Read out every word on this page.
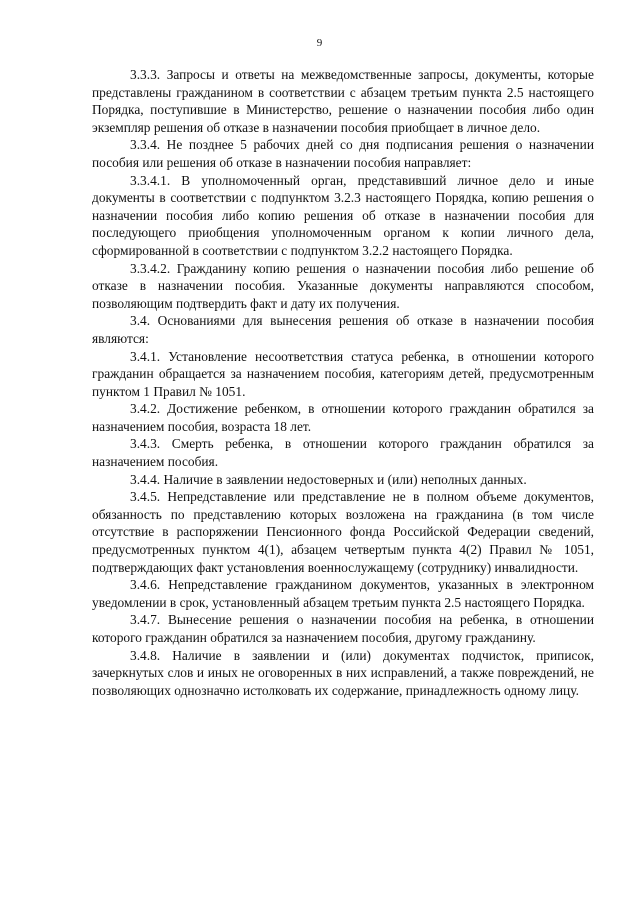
9

3.3.3. Запросы и ответы на межведомственные запросы, документы, которые представлены гражданином в соответствии с абзацем третьим пункта 2.5 настоящего Порядка, поступившие в Министерство, решение о назначении пособия либо один экземпляр решения об отказе в назначении пособия приобщает в личное дело.

3.3.4. Не позднее 5 рабочих дней со дня подписания решения о назначении пособия или решения об отказе в назначении пособия направляет:

3.3.4.1. В уполномоченный орган, представивший личное дело и иные документы в соответствии с подпунктом 3.2.3 настоящего Порядка, копию решения о назначении пособия либо копию решения об отказе в назначении пособия для последующего приобщения уполномоченным органом к копии личного дела, сформированной в соответствии с подпунктом 3.2.2 настоящего Порядка.

3.3.4.2. Гражданину копию решения о назначении пособия либо решение об отказе в назначении пособия. Указанные документы направляются способом, позволяющим подтвердить факт и дату их получения.

3.4. Основаниями для вынесения решения об отказе в назначении пособия являются:

3.4.1. Установление несоответствия статуса ребенка, в отношении которого гражданин обращается за назначением пособия, категориям детей, предусмотренным пунктом 1 Правил № 1051.

3.4.2. Достижение ребенком, в отношении которого гражданин обратился за назначением пособия, возраста 18 лет.

3.4.3. Смерть ребенка, в отношении которого гражданин обратился за назначением пособия.

3.4.4. Наличие в заявлении недостоверных и (или) неполных данных.

3.4.5. Непредставление или представление не в полном объеме документов, обязанность по представлению которых возложена на гражданина (в том числе отсутствие в распоряжении Пенсионного фонда Российской Федерации сведений, предусмотренных пунктом 4(1), абзацем четвертым пункта 4(2) Правил № 1051, подтверждающих факт установления военнослужащему (сотруднику) инвалидности.

3.4.6. Непредставление гражданином документов, указанных в электронном уведомлении в срок, установленный абзацем третьим пункта 2.5 настоящего Порядка.

3.4.7. Вынесение решения о назначении пособия на ребенка, в отношении которого гражданин обратился за назначением пособия, другому гражданину.

3.4.8. Наличие в заявлении и (или) документах подчисток, приписок, зачеркнутых слов и иных не оговоренных в них исправлений, а также повреждений, не позволяющих однозначно истолковать их содержание, принадлежность одному лицу.
